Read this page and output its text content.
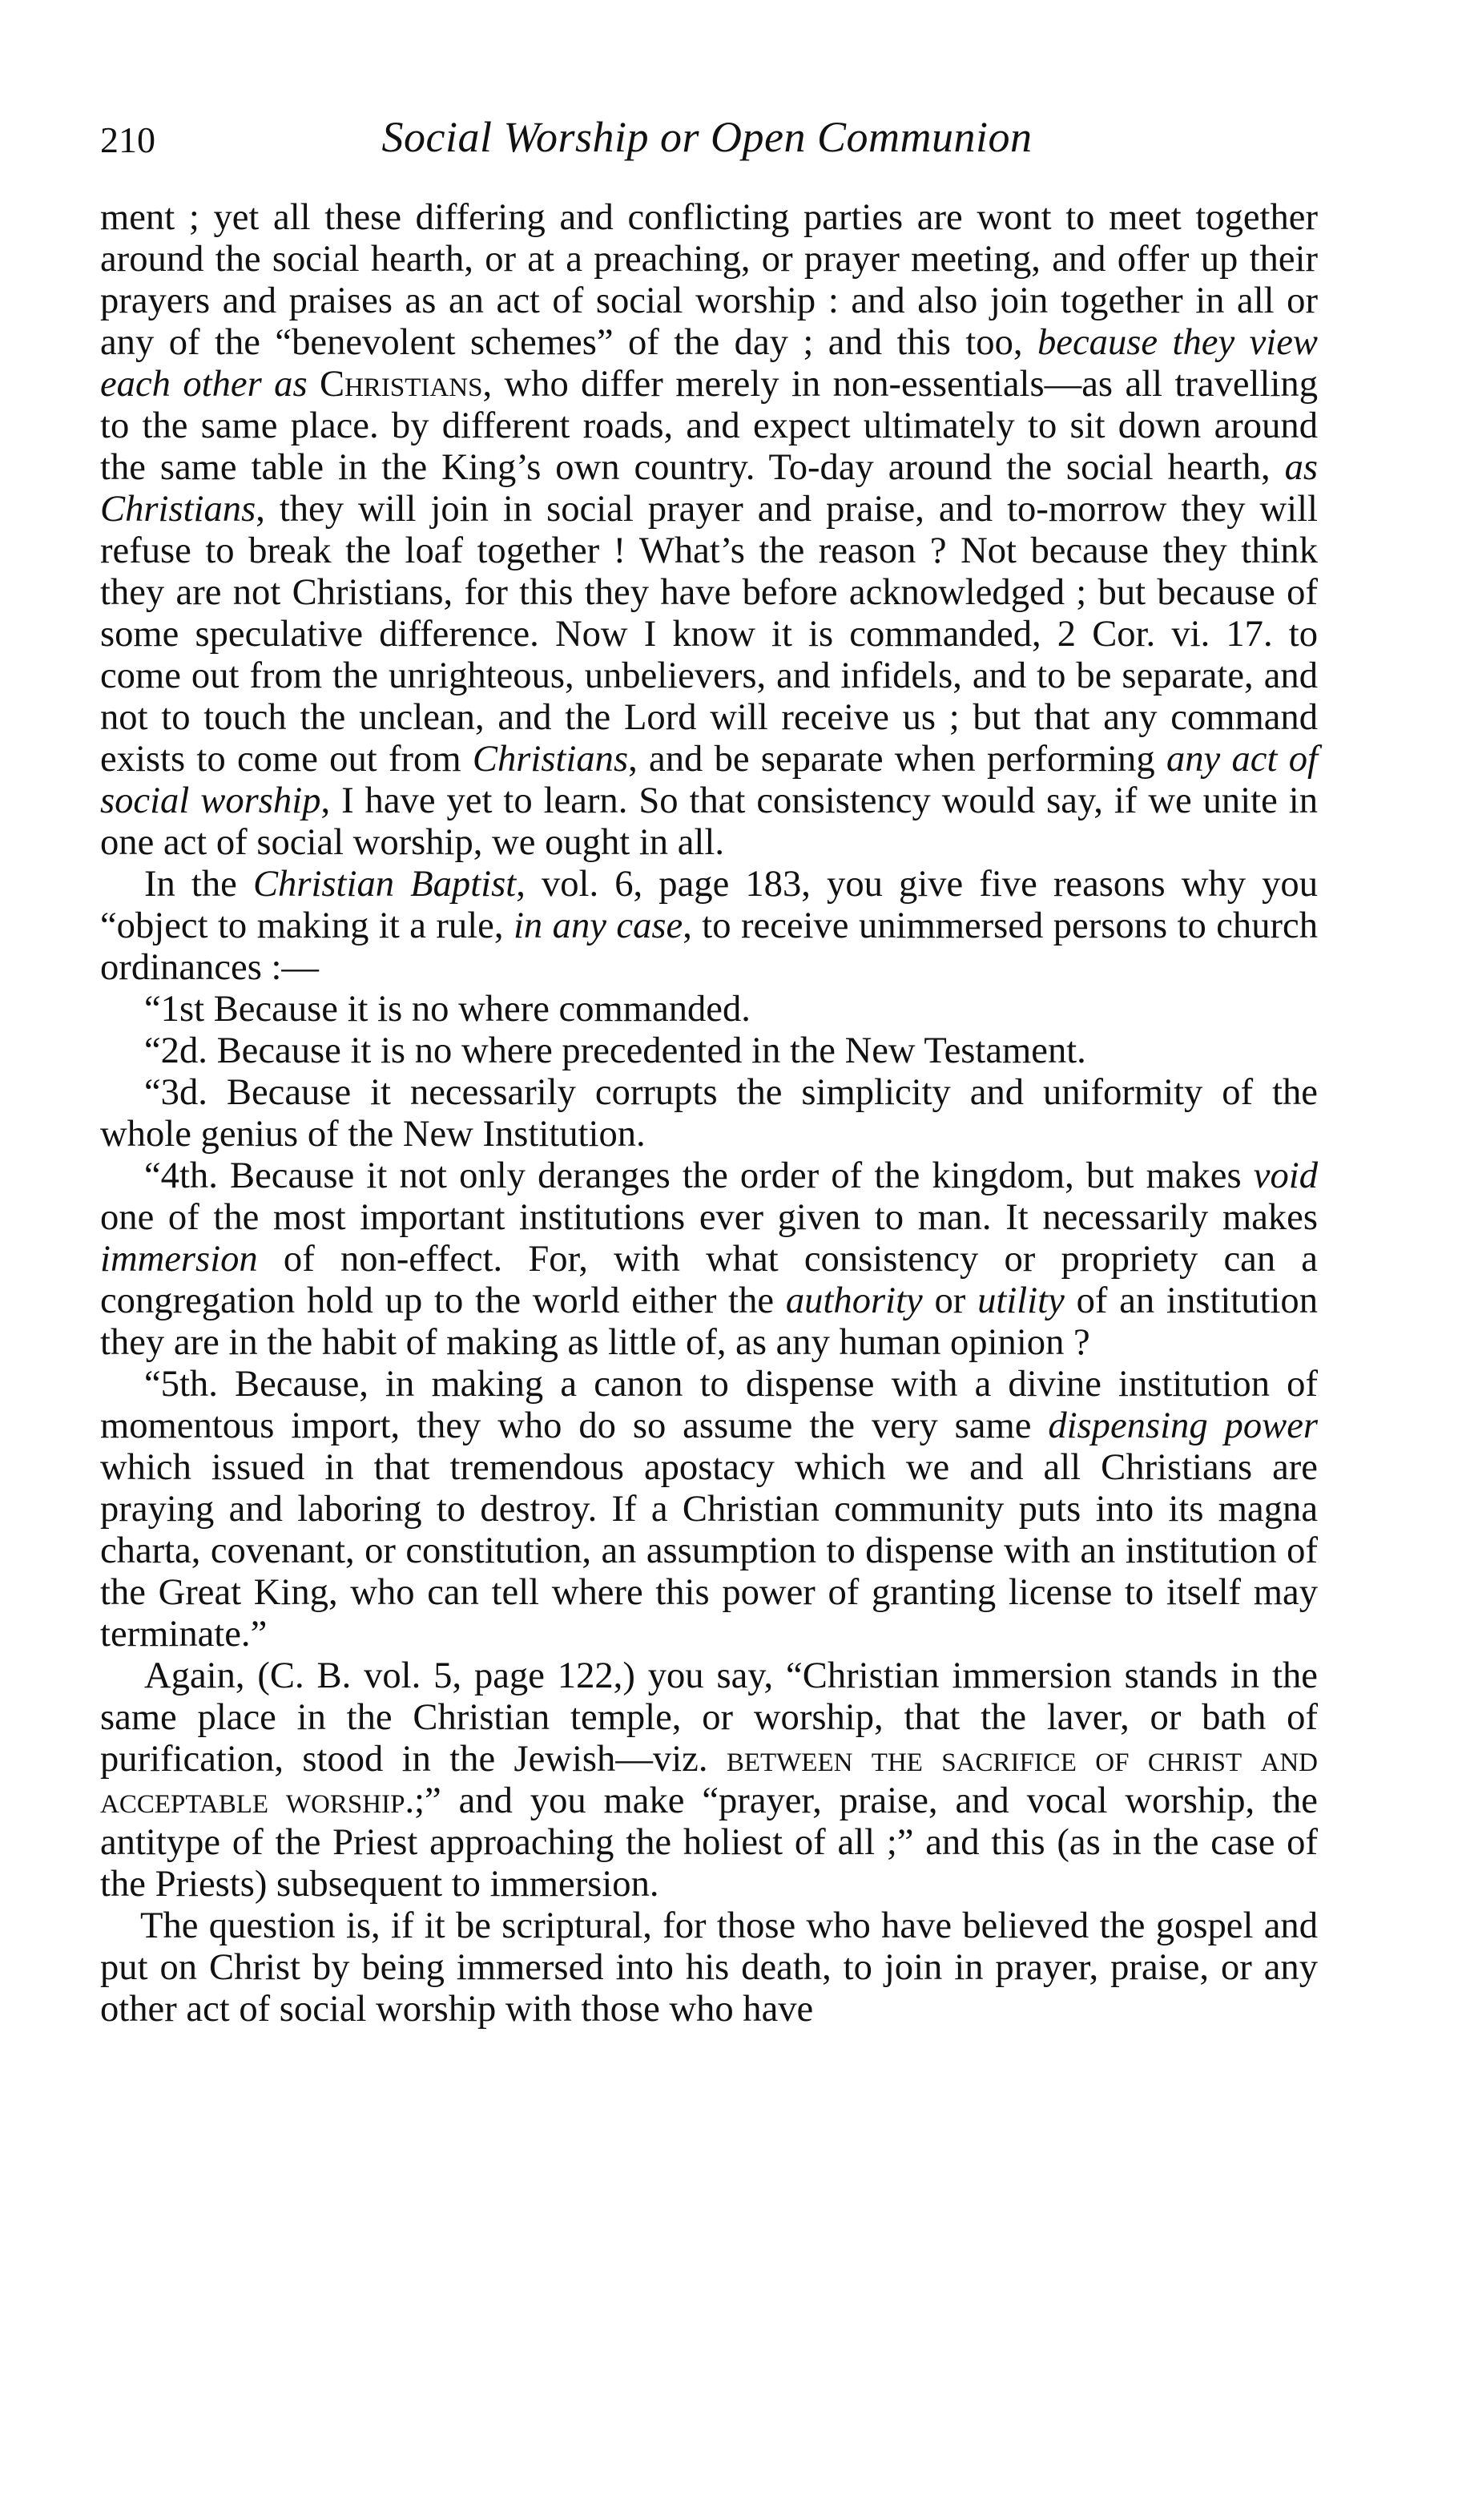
210	Social Worship or Open Communion

ment ; yet all these differing and conflicting parties are wont to meet together around the social hearth, or at a preaching, or prayer meeting, and offer up their prayers and praises as an act of social worship : and also join together in all or any of the “benevolent schemes” of the day ; and this too, because they view each other as Christians, who differ merely in non-essentials—as all travelling to the same place. by different roads, and expect ultimately to sit down around the same table in the King’s own country. To-day around the social hearth, as Christians, they will join in social prayer and praise, and to-morrow they will refuse to break the loaf together ! What’s the reason ? Not because they think they are not Christians, for this they have before acknowledged ; but because of some speculative difference. Now I know it is commanded, 2 Cor. vi. 17. to come out from the unrighteous, unbelievers, and infidels, and to be separate, and not to touch the unclean, and the Lord will receive us ; but that any command exists to come out from Christians, and be separate when performing any act of social worship, I have yet to learn. So that consistency would say, if we unite in one act of social worship, we ought in all.

In the Christian Baptist, vol. 6, page 183, you give five reasons why you “object to making it a rule, in any case, to receive unimmersed persons to church ordinances :—

“1st Because it is no where commanded.

“2d. Because it is no where precedented in the New Testament.

“3d. Because it necessarily corrupts the simplicity and uniformity of the whole genius of the New Institution.

“4th. Because it not only deranges the order of the kingdom, but makes void one of the most important institutions ever given to man. It necessarily makes immersion of non-effect. For, with what consistency or propriety can a congregation hold up to the world either the authority or utility of an institution they are in the habit of making as little of, as any human opinion ?

“5th. Because, in making a canon to dispense with a divine institution of momentous import, they who do so assume the very same dispensing power which issued in that tremendous apostacy which we and all Christians are praying and laboring to destroy. If a Christian community puts into its magna charta, covenant, or constitution, an assumption to dispense with an institution of the Great King, who can tell where this power of granting license to itself may terminate.”

Again, (C. B. vol. 5, page 122,) you say, “Christian immersion stands in the same place in the Christian temple, or worship, that the laver, or bath of purification, stood in the Jewish—viz. between the sacrifice of christ and acceptable worship.;” and you make “prayer, praise, and vocal worship, the antitype of the Priest approaching the holiest of all ;” and this (as in the case of the Priests) subsequent to immersion.

The question is, if it be scriptural, for those who have believed the gospel and put on Christ by being immersed into his death, to join in prayer, praise, or any other act of social worship with those who have
